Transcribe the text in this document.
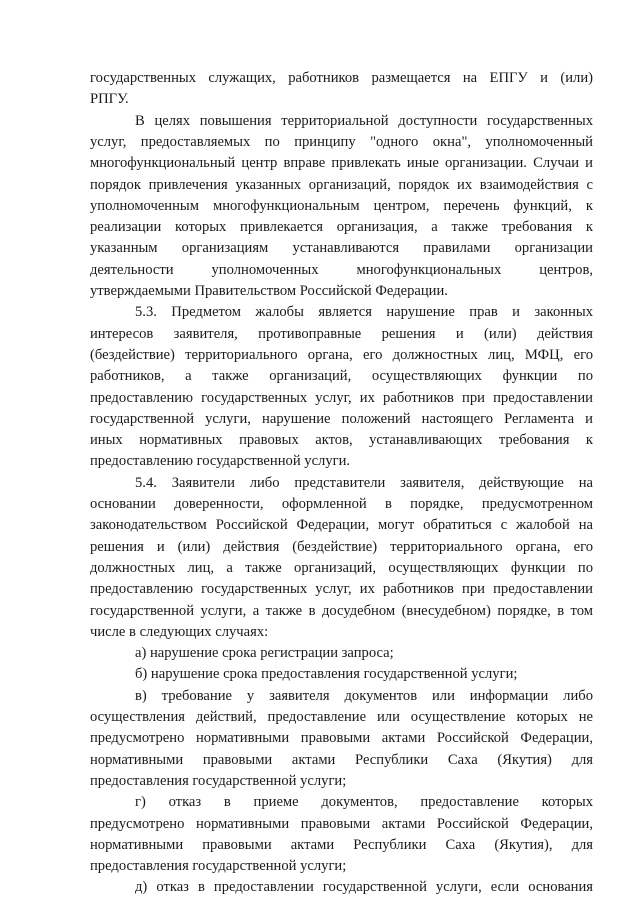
государственных служащих, работников размещается на ЕПГУ и (или)
РПГУ.
В целях повышения территориальной доступности государственных
услуг, предоставляемых по принципу "одного окна", уполномоченный
многофункциональный центр вправе привлекать иные организации. Случаи и
порядок привлечения указанных организаций, порядок их взаимодействия с
уполномоченным многофункциональным центром, перечень функций, к
реализации которых привлекается организация, а также требования к
указанным организациям устанавливаются правилами организации
деятельности уполномоченных многофункциональных центров,
утверждаемыми Правительством Российской Федерации.
5.3. Предметом жалобы является нарушение прав и законных
интересов заявителя, противоправные решения и (или) действия
(бездействие) территориального органа, его должностных лиц, МФЦ, его
работников, а также организаций, осуществляющих функции по
предоставлению государственных услуг, их работников при предоставлении
государственной услуги, нарушение положений настоящего Регламента и
иных нормативных правовых актов, устанавливающих требования к
предоставлению государственной услуги.
5.4. Заявители либо представители заявителя, действующие на
основании доверенности, оформленной в порядке, предусмотренном
законодательством Российской Федерации, могут обратиться с жалобой на
решения и (или) действия (бездействие) территориального органа, его
должностных лиц, а также организаций, осуществляющих функции по
предоставлению государственных услуг, их работников при предоставлении
государственной услуги, а также в досудебном (внесудебном) порядке, в том
числе в следующих случаях:
а) нарушение срока регистрации запроса;
б) нарушение срока предоставления государственной услуги;
в) требование у заявителя документов или информации либо
осуществления действий, предоставление или осуществление которых не
предусмотрено нормативными правовыми актами Российской Федерации,
нормативными правовыми актами Республики Саха (Якутия) для
предоставления государственной услуги;
г) отказ в приеме документов, предоставление которых
предусмотрено нормативными правовыми актами Российской Федерации,
нормативными правовыми актами Республики Саха (Якутия), для
предоставления государственной услуги;
д) отказ в предоставлении государственной услуги, если основания
